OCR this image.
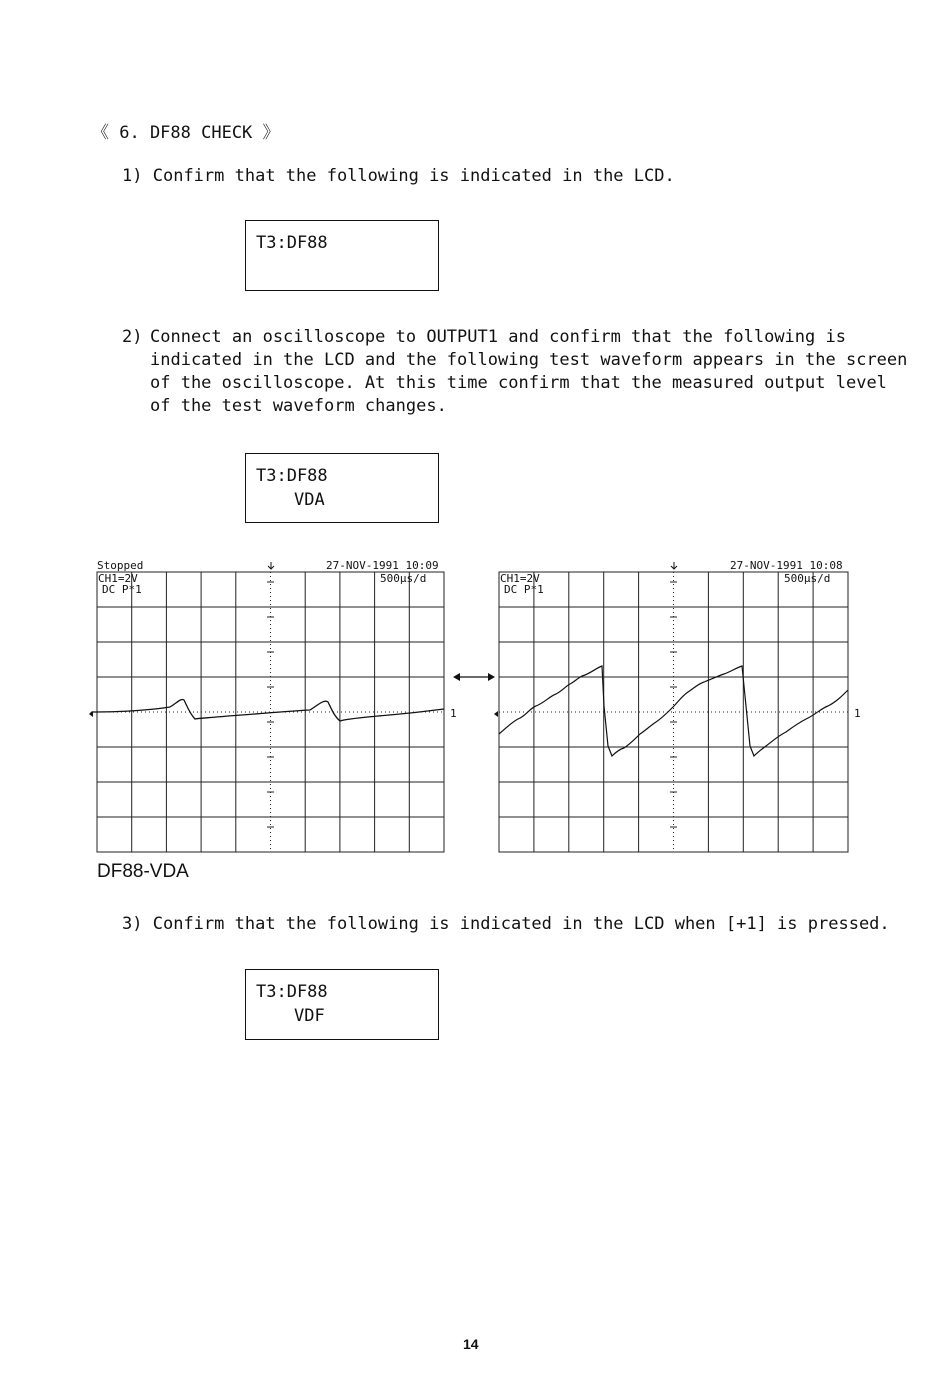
《 6. DF88 CHECK 》
1) Confirm that the following is indicated in the LCD.
T3:DF88
2) Connect an oscilloscope to OUTPUT1 and confirm that the following is
indicated in the LCD and the following test waveform appears in the screen
of the oscilloscope. At this time confirm that the measured output level
of the test waveform changes.
T3:DF88
VDA
Stopped
CH1=2V
DC P*1
27-NOV-1991 10:09
500µs/d
1
CH1=2V
DC P*1
27-NOV-1991 10:08
500µs/d
1
DF88-VDA
3) Confirm that the following is indicated in the LCD when [+1] is pressed.
T3:DF88
VDF
14
